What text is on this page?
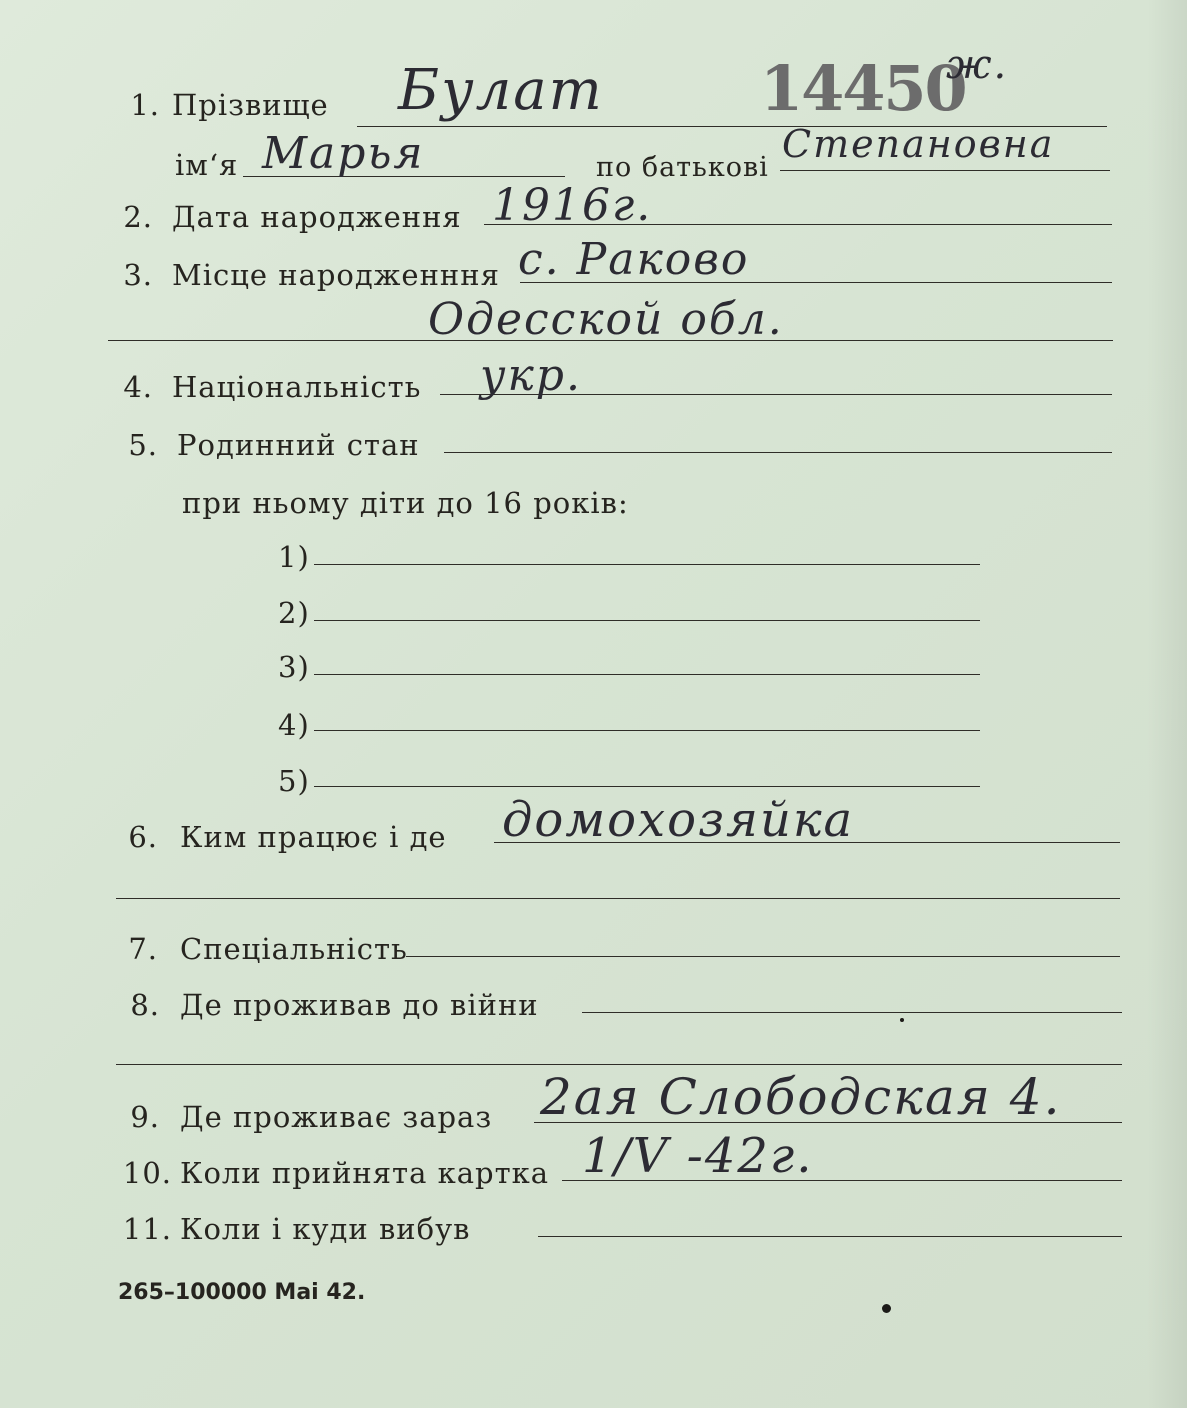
1. Прізвище Булат	14450
ж.
ім‘я Марья	по батькові
Степановна
2. Дата народження 1916г.
3. Місце народженння с. Раково
Одесской обл.
4. Національність укр.
5. Родинний стан
при ньому діти до 16 років:
1)
2)
3)
4)
5)
6. Ким працює і де домохозяйка
7. Спеціальність
8. Де проживав до війни
9. Де проживає зараз 2ая Слободская 4.
10. Коли прийнята картка 1/V -42г.
11. Коли і куди вибув
265–100000 Маі 42.
